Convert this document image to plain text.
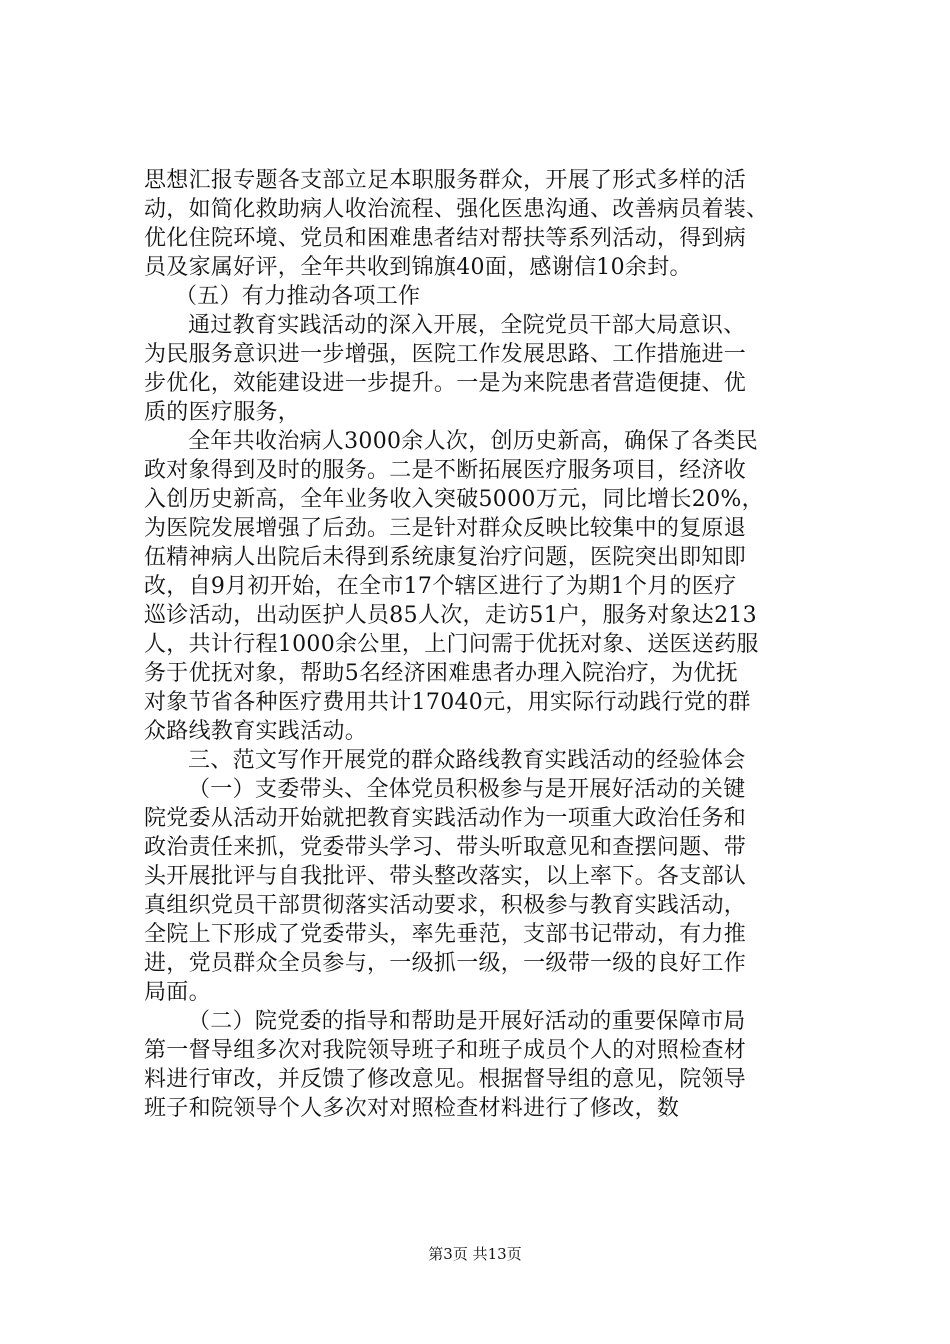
思想汇报专题各支部立足本职服务群众，开展了形式多样的活
动，如简化救助病人收治流程、强化医患沟通、改善病员着装、
优化住院环境、党员和困难患者结对帮扶等系列活动，得到病
员及家属好评，全年共收到锦旗40面，感谢信10余封。
（五）有力推动各项工作
通过教育实践活动的深入开展，全院党员干部大局意识、
为民服务意识进一步增强，医院工作发展思路、工作措施进一
步优化，效能建设进一步提升。一是为来院患者营造便捷、优
质的医疗服务，
全年共收治病人3000余人次，创历史新高，确保了各类民
政对象得到及时的服务。二是不断拓展医疗服务项目，经济收
入创历史新高，全年业务收入突破5000万元，同比增长20%，
为医院发展增强了后劲。三是针对群众反映比较集中的复原退
伍精神病人出院后未得到系统康复治疗问题，医院突出即知即
改，自9月初开始，在全市17个辖区进行了为期1个月的医疗
巡诊活动，出动医护人员85人次，走访51户，服务对象达213
人，共计行程1000余公里，上门问需于优抚对象、送医送药服
务于优抚对象，帮助5名经济困难患者办理入院治疗，为优抚
对象节省各种医疗费用共计17040元，用实际行动践行党的群
众路线教育实践活动。
三、范文写作开展党的群众路线教育实践活动的经验体会
（一）支委带头、全体党员积极参与是开展好活动的关键
院党委从活动开始就把教育实践活动作为一项重大政治任务和
政治责任来抓，党委带头学习、带头听取意见和查摆问题、带
头开展批评与自我批评、带头整改落实，以上率下。各支部认
真组织党员干部贯彻落实活动要求，积极参与教育实践活动，
全院上下形成了党委带头，率先垂范，支部书记带动，有力推
进，党员群众全员参与，一级抓一级，一级带一级的良好工作
局面。
（二）院党委的指导和帮助是开展好活动的重要保障市局
第一督导组多次对我院领导班子和班子成员个人的对照检查材
料进行审改，并反馈了修改意见。根据督导组的意见，院领导
班子和院领导个人多次对对照检查材料进行了修改，数
第3页 共13页
